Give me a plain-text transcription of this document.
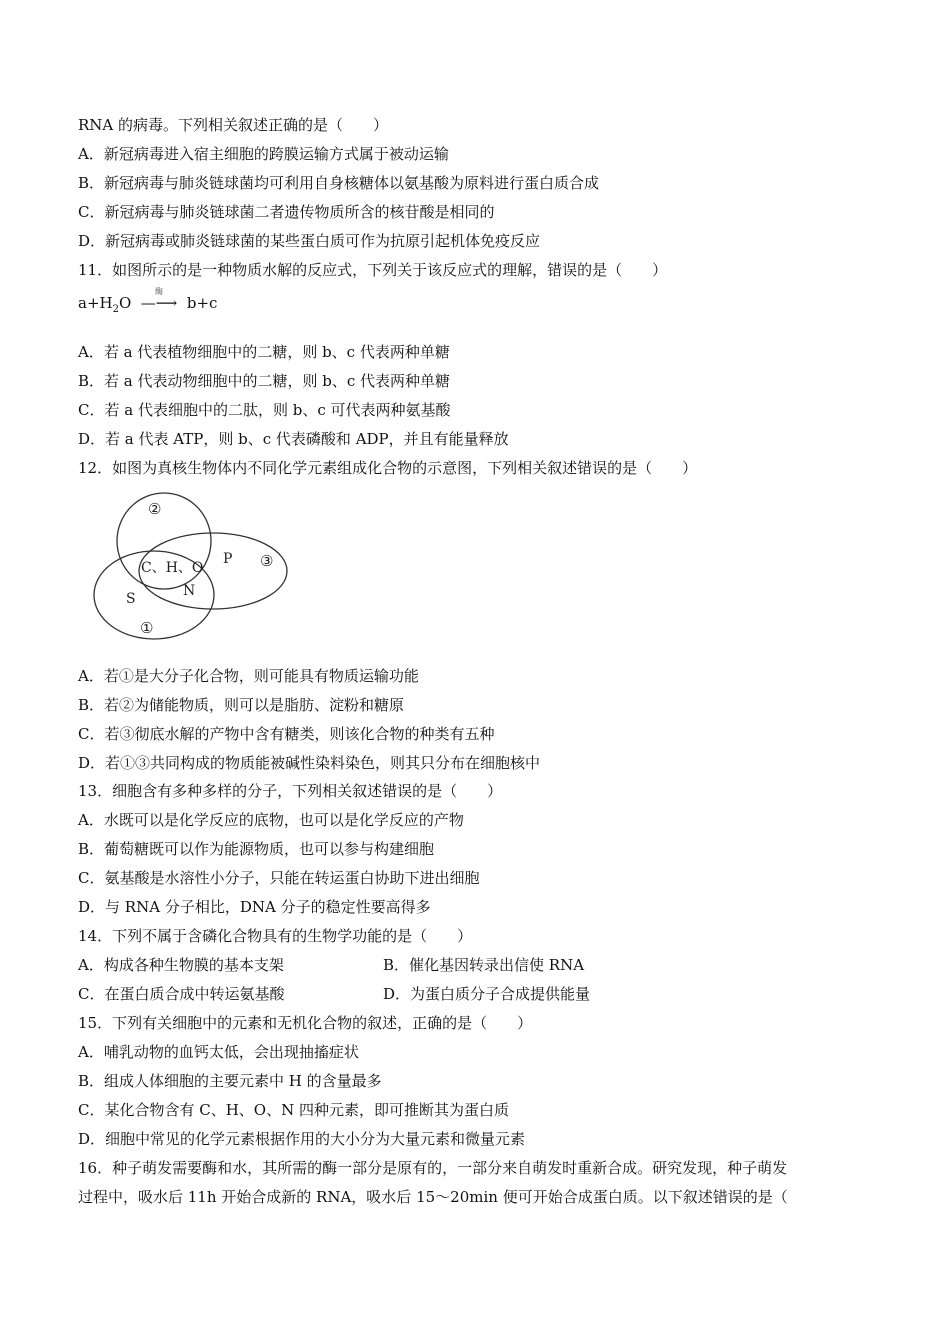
RNA 的病毒。下列相关叙述正确的是（　　）
A．新冠病毒进入宿主细胞的跨膜运输方式属于被动运输
B．新冠病毒与肺炎链球菌均可利用自身核糖体以氨基酸为原料进行蛋白质合成
C．新冠病毒与肺炎链球菌二者遗传物质所含的核苷酸是相同的
D．新冠病毒或肺炎链球菌的某些蛋白质可作为抗原引起机体免疫反应
11．如图所示的是一种物质水解的反应式，下列关于该反应式的理解，错误的是（　　）
$a+H_2O$
酶
—⟶ b+c
A．若 a 代表植物细胞中的二糖，则 b、c 代表两种单糖
B．若 a 代表动物细胞中的二糖，则 b、c 代表两种单糖
C．若 a 代表细胞中的二肽，则 b、c 可代表两种氨基酸
D．若 a 代表 ATP，则 b、c 代表磷酸和 ADP，并且有能量释放
12．如图为真核生物体内不同化学元素组成化合物的示意图，下列相关叙述错误的是（　　）
②
③
P
C、H、O
N
S
①
A．若①是大分子化合物，则可能具有物质运输功能
B．若②为储能物质，则可以是脂肪、淀粉和糖原
C．若③彻底水解的产物中含有糖类，则该化合物的种类有五种
D．若①③共同构成的物质能被碱性染料染色，则其只分布在细胞核中
13．细胞含有多种多样的分子，下列相关叙述错误的是（　　）
A．水既可以是化学反应的底物，也可以是化学反应的产物
B．葡萄糖既可以作为能源物质，也可以参与构建细胞
C．氨基酸是水溶性小分子，只能在转运蛋白协助下进出细胞
D．与 RNA 分子相比，DNA 分子的稳定性要高得多
14．下列不属于含磷化合物具有的生物学功能的是（　　）
A．构成各种生物膜的基本支架	B．催化基因转录出信使 RNA
C．在蛋白质合成中转运氨基酸	D．为蛋白质分子合成提供能量
15．下列有关细胞中的元素和无机化合物的叙述，正确的是（　　）
A．哺乳动物的血钙太低，会出现抽搐症状
B．组成人体细胞的主要元素中 H 的含量最多
C．某化合物含有 C、H、O、N 四种元素，即可推断其为蛋白质
D．细胞中常见的化学元素根据作用的大小分为大量元素和微量元素
16．种子萌发需要酶和水，其所需的酶一部分是原有的，一部分来自萌发时重新合成。研究发现，种子萌发
过程中，吸水后 11h 开始合成新的 RNA，吸水后 15～20min 便可开始合成蛋白质。以下叙述错误的是（
